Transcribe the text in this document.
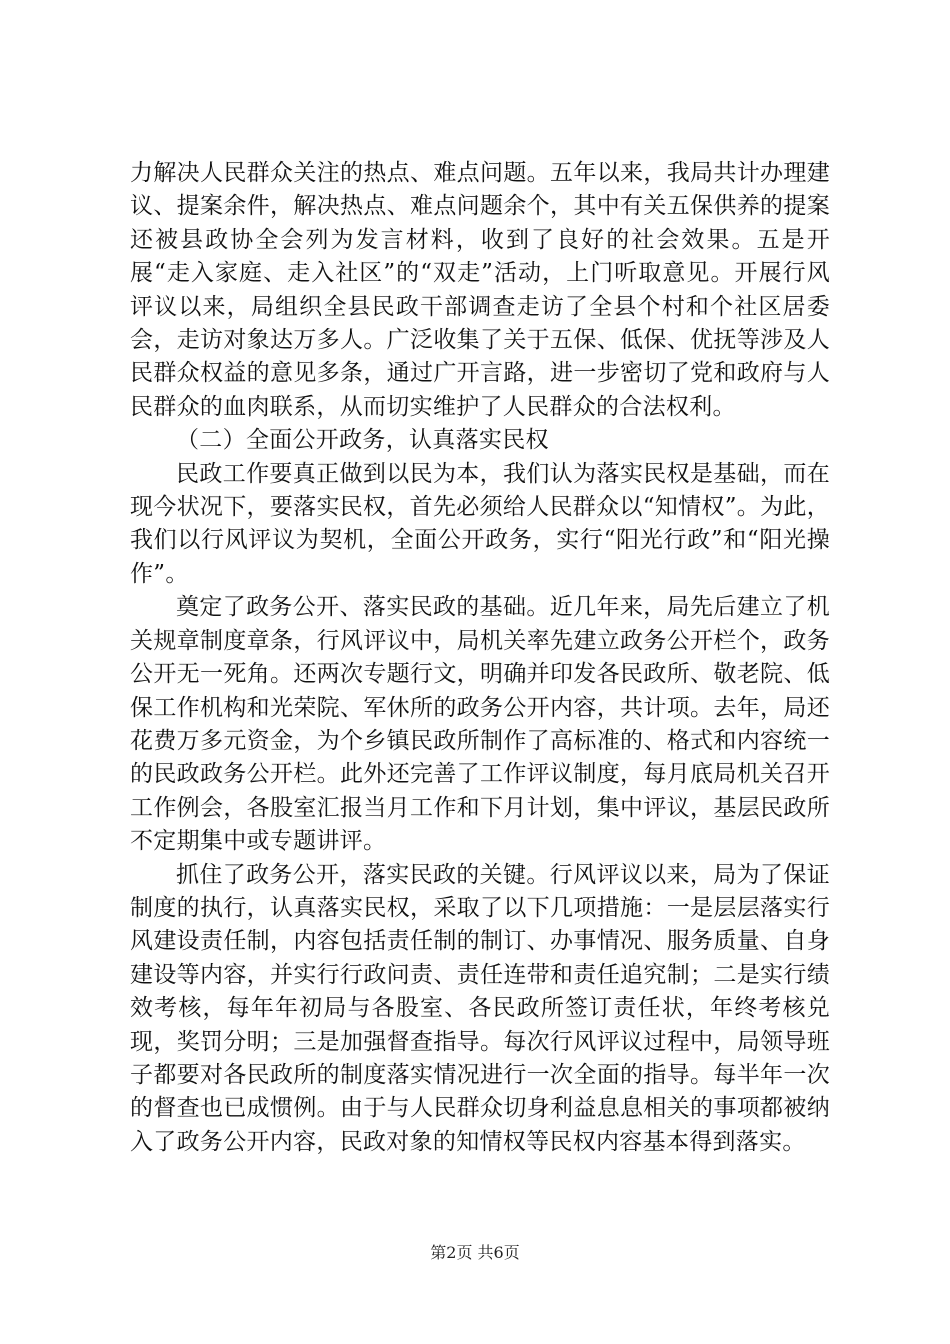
力解决人民群众关注的热点、难点问题。五年以来，我局共计办理建议、提案余件，解决热点、难点问题余个，其中有关五保供养的提案还被县政协全会列为发言材料，收到了良好的社会效果。五是开展“走入家庭、走入社区”的“双走”活动，上门听取意见。开展行风评议以来，局组织全县民政干部调查走访了全县个村和个社区居委会，走访对象达万多人。广泛收集了关于五保、低保、优抚等涉及人民群众权益的意见多条，通过广开言路，进一步密切了党和政府与人民群众的血肉联系，从而切实维护了人民群众的合法权利。

（二）全面公开政务，认真落实民权

民政工作要真正做到以民为本，我们认为落实民权是基础，而在现今状况下，要落实民权，首先必须给人民群众以“知情权”。为此，我们以行风评议为契机，全面公开政务，实行“阳光行政”和“阳光操作”。

奠定了政务公开、落实民政的基础。近几年来，局先后建立了机关规章制度章条，行风评议中，局机关率先建立政务公开栏个，政务公开无一死角。还两次专题行文，明确并印发各民政所、敬老院、低保工作机构和光荣院、军休所的政务公开内容，共计项。去年，局还花费万多元资金，为个乡镇民政所制作了高标准的、格式和内容统一的民政政务公开栏。此外还完善了工作评议制度，每月底局机关召开工作例会，各股室汇报当月工作和下月计划，集中评议，基层民政所不定期集中或专题讲评。

抓住了政务公开，落实民政的关键。行风评议以来，局为了保证制度的执行，认真落实民权，采取了以下几项措施：一是层层落实行风建设责任制，内容包括责任制的制订、办事情况、服务质量、自身建设等内容，并实行行政问责、责任连带和责任追究制；二是实行绩效考核，每年年初局与各股室、各民政所签订责任状，年终考核兑现，奖罚分明；三是加强督查指导。每次行风评议过程中，局领导班子都要对各民政所的制度落实情况进行一次全面的指导。每半年一次的督查也已成惯例。由于与人民群众切身利益息息相关的事项都被纳入了政务公开内容，民政对象的知情权等民权内容基本得到落实。

第2页 共6页
